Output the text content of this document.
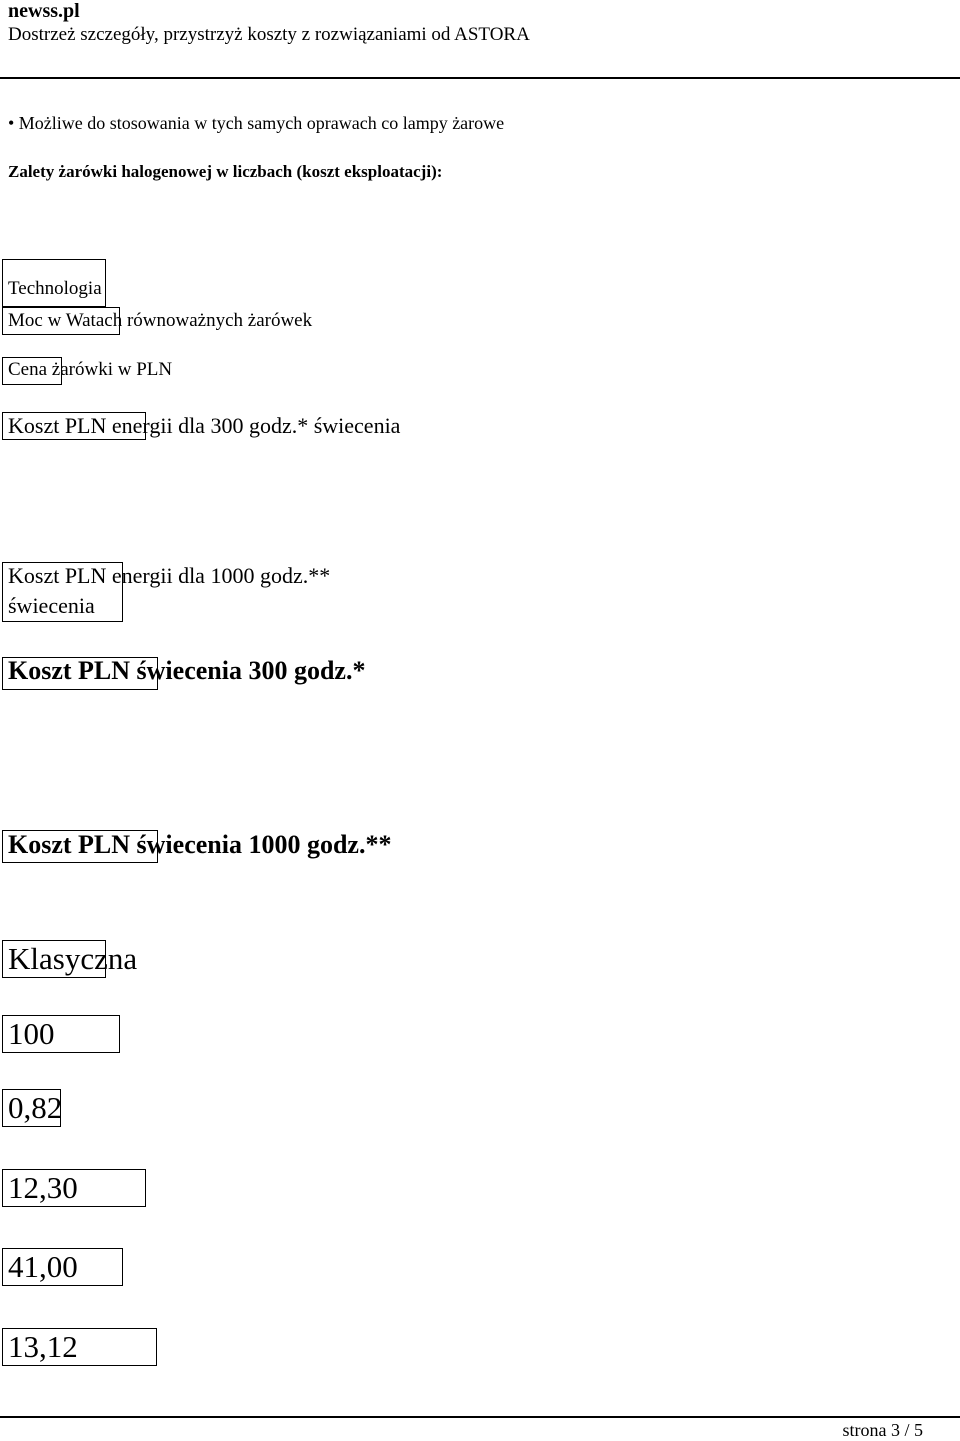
newss.pl
Dostrzeż szczegóły, przystrzyż koszty z rozwiązaniami od ASTORA
• Możliwe do stosowania w tych samych oprawach co lampy żarowe
Zalety żarówki halogenowej w liczbach (koszt eksploatacji):
Technologia
Moc w Watach równoważnych żarówek
Cena żarówki w PLN
Koszt PLN energii dla 300 godz.* świecenia
Koszt PLN energii dla 1000 godz.**
świecenia
Koszt PLN świecenia 300 godz.*
Koszt PLN świecenia 1000 godz.**
Klasyczna
100
0,82
12,30
41,00
13,12
strona 3 / 5
